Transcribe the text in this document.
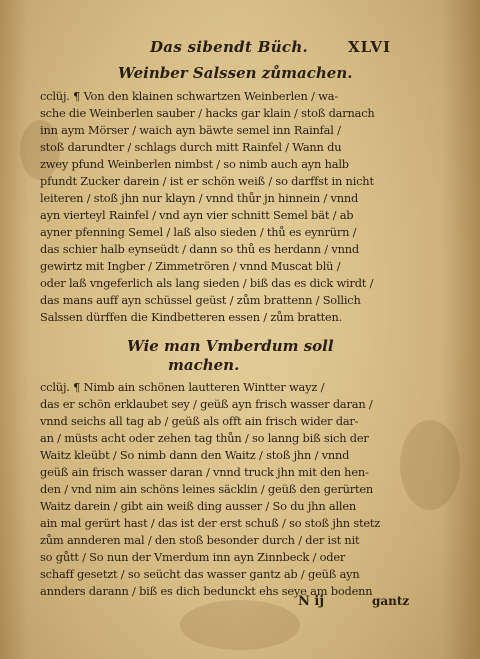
Das sibendt Büch.	XLVI
Weinber Salssen zůmachen.
cclüj. ¶ Von den klainen schwartzen Weinberlen / wa-
sche die Weinberlen sauber / hacks gar klain / stoß darnach
inn aym Mörser / waich ayn bäwte semel inn Rainfal /
stoß darundter / schlags durch mitt Rainfel / Wann du
zwey pfund Weinberlen nimbst / so nimb auch ayn halb
pfundt Zucker darein / ist er schön weiß / so darffst in nicht
leiteren / stoß jhn nur klayn / vnnd thůr jn hinnein / vnnd
ayn vierteyl Rainfel / vnd ayn vier schnitt Semel bät / ab
ayner pfenning Semel / laß also sieden / thů es eynrürn /
das schier halb eynseüdt / dann so thů es herdann / vnnd
gewirtz mit Ingber / Zimmetrören / vnnd Muscat blü /
oder laß vngeferlich als lang sieden / biß das es dick wirdt /
das mans auff ayn schüssel geüst / zům brattenn / Sollich
Salssen dürffen die Kindbetteren essen / zům bratten.
Wie man Vmberdum soll
machen.
cclüj. ¶ Nimb ain schönen lautteren Wintter wayz /
das er schön erklaubet sey / geüß ayn frisch wasser daran /
vnnd seichs all tag ab / geüß als offt ain frisch wider dar-
an / müsts acht oder zehen tag thůn / so lanng biß sich der
Waitz kleübt / So nimb dann den Waitz / stoß jhn / vnnd
geüß ain frisch wasser daran / vnnd truck jhn mit den hen-
den / vnd nim ain schöns leines säcklin / geüß den gerürten
Waitz darein / gibt ain weiß ding ausser / So du jhn allen
ain mal gerürt hast / das ist der erst schuß / so stoß jhn stetz
zům annderen mal / den stoß besonder durch / der ist nit
so gůtt / So nun der Vmerdum inn ayn Zinnbeck / oder
schaff gesetzt / so seücht das wasser gantz ab / geüß ayn
annders darann / biß es dich bedunckt ehs seye am bodenn
N ij	gantz
